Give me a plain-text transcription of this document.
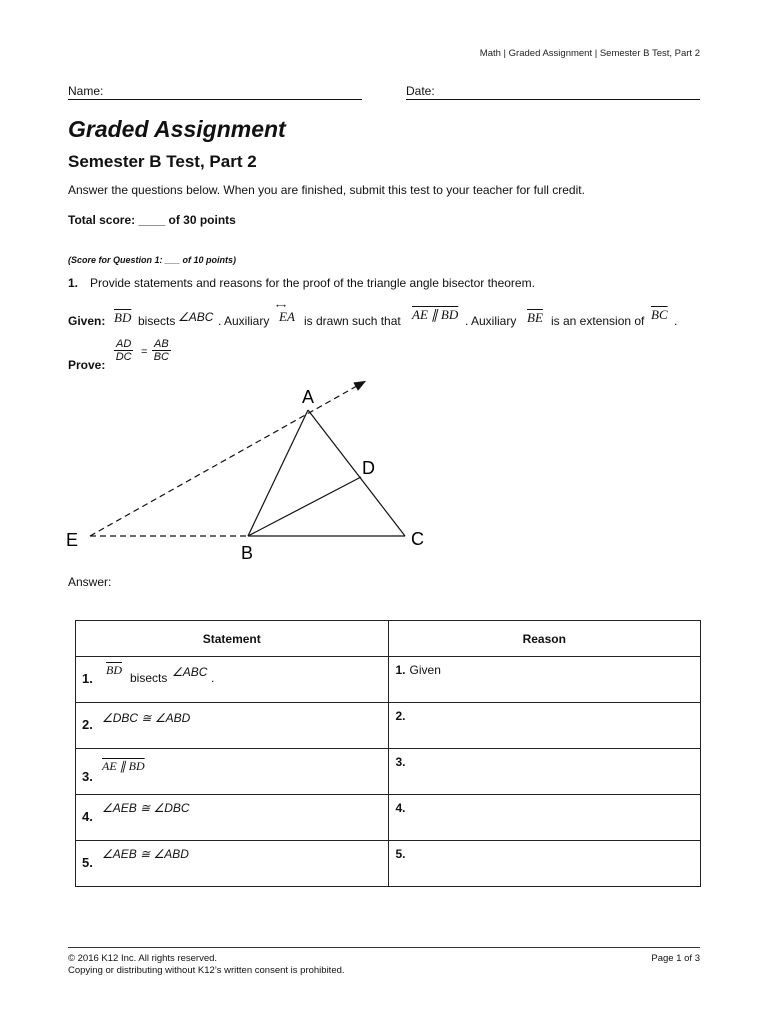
Math | Graded Assignment | Semester B Test, Part 2
Name:	Date:
Graded Assignment
Semester B Test, Part 2
Answer the questions below. When you are finished, submit this test to your teacher for full credit.
Total score: ____ of 30 points
(Score for Question 1: ___ of 10 points)
1. Provide statements and reasons for the proof of the triangle angle bisector theorem.
Given: $\overline{BD}$ bisects ∠ABC . Auxiliary
⟷
EA is drawn such that AE ∥ BD . Auxiliary $\overline{BE}$ is an extension of $\overline{BC}$ .
Prove:
$\frac{AD}{DC} = \frac{AB}{BC}$
A
D
C
E
B
Answer:
Statement	Reason

1.
$\overline{BD}$
bisects ∠ABC .	1. Given

2. ∠DBC ≅ ∠ABD	2.

3.
AE ∥ BD	3.

4.
∠AEB ≅ ∠DBC	4.

5.
∠AEB ≅ ∠ABD	5.
© 2016 K12 Inc. All rights reserved.
Copying or distributing without K12’s written consent is prohibited.
Page 1 of 3
